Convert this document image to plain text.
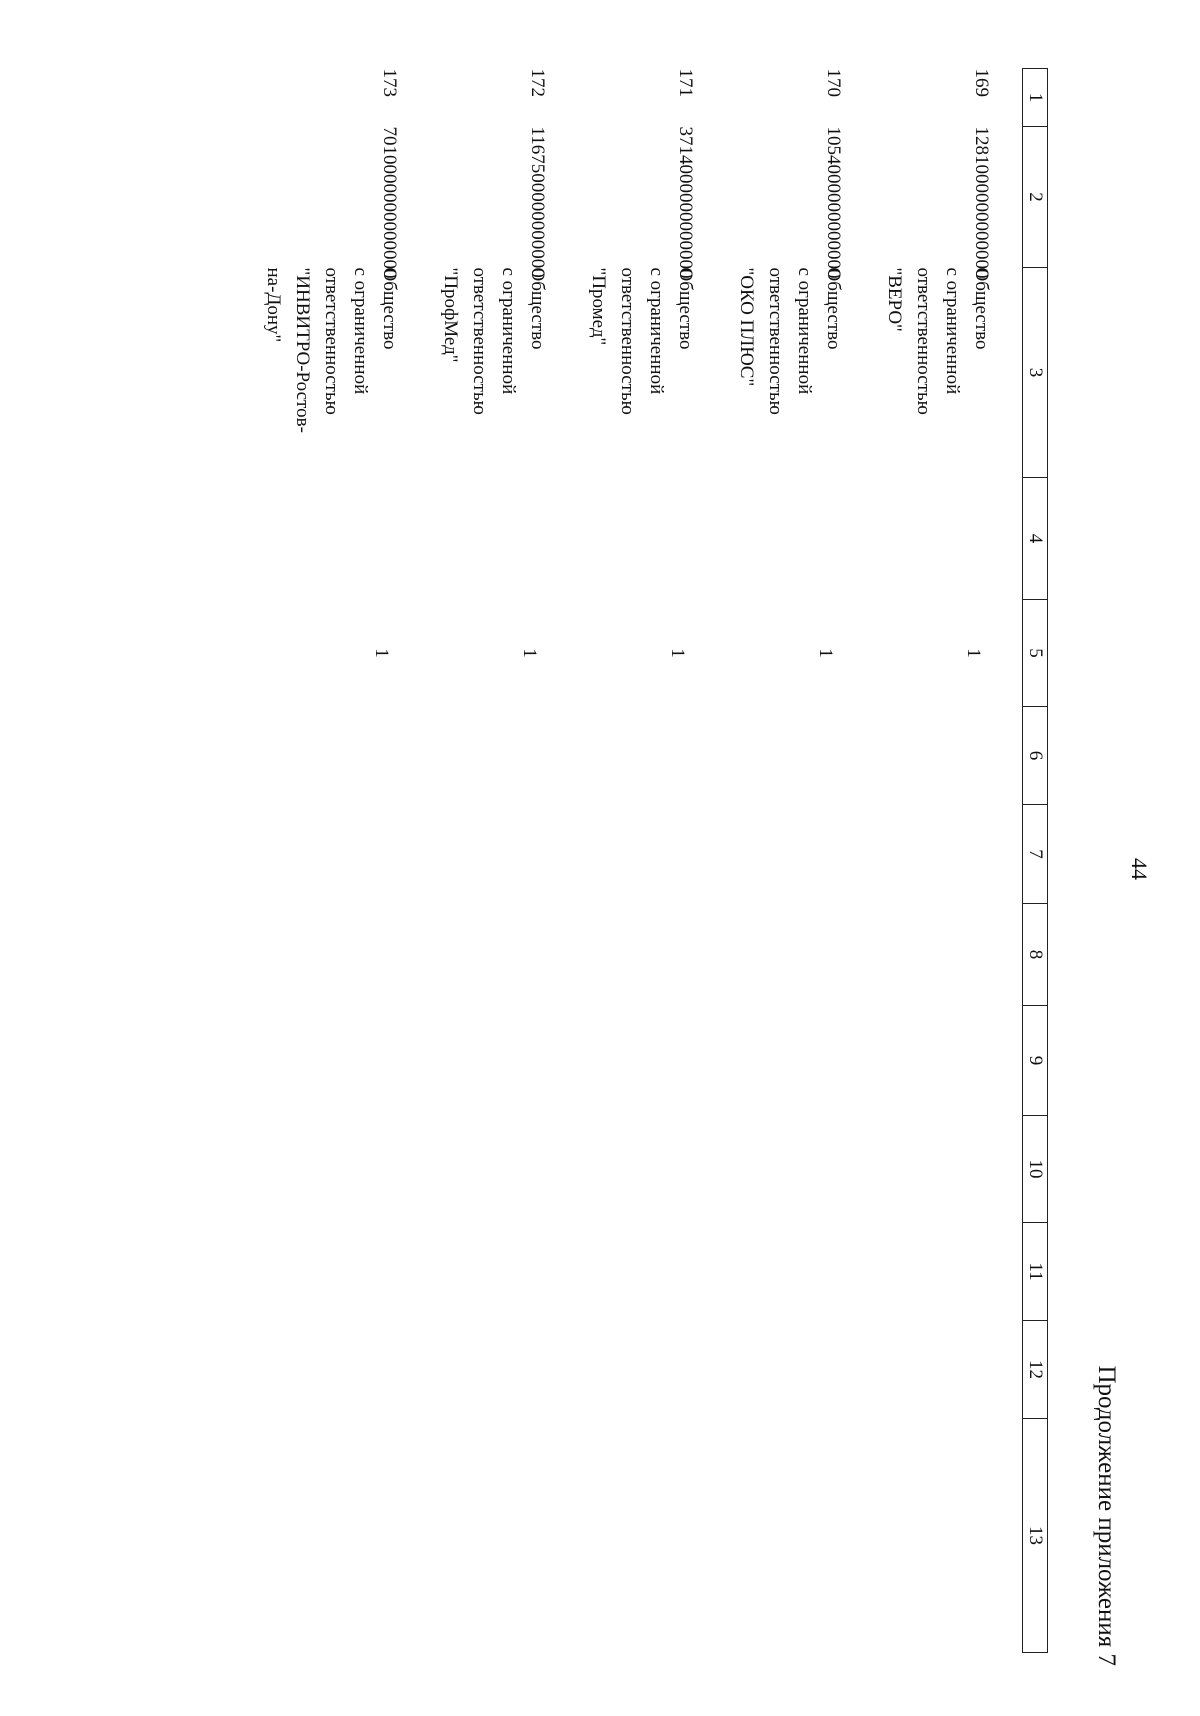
44
Продолжение приложения 7
1	2	3	4	5	6	7	8	9	10	11	12	13
169	1281000000000000	Общество
с ограниченной
ответственностью
"ВЕРО"		1								
170	1054000000000000	Общество
с ограниченной
ответственностью
"ОКО ПЛЮС"		1								
171	3714000000000000	Общество
с ограниченной
ответственностью
"Промед"		1								
172	1167500000000000	Общество
с ограниченной
ответственностью
"ПрофМед"		1								
173	7010000000000000	Общество
с ограниченной
ответственностью
"ИНВИТРО-Ростов-
на-Дону"		1								
